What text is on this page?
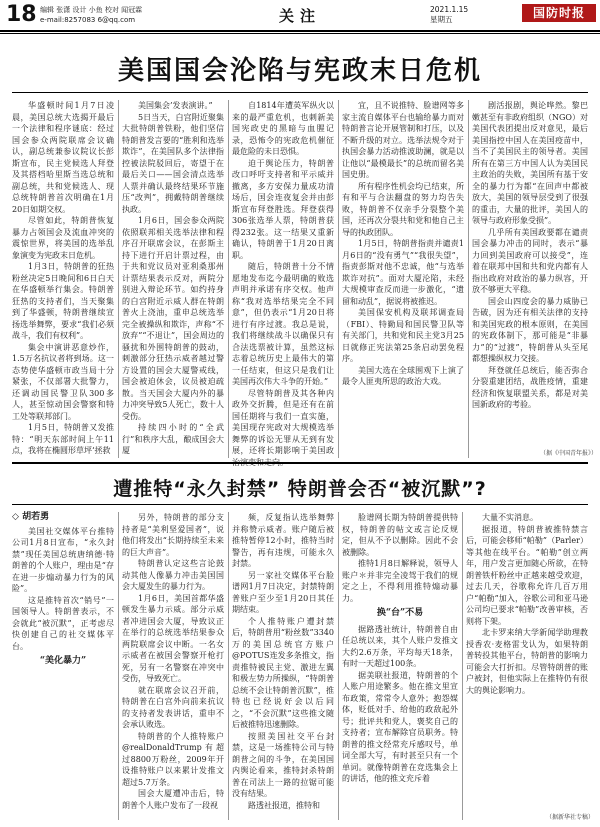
18 编辑 张潇 设计 小鱼 校对 闻冠霖
e-mail:8257083 6@qq.com	关注	2021.1.15
星期五	国防时报
美国国会沦陷与宪政末日危机

华盛顿时间1月7日凌晨，美国总统大选揭开最后一个法律和程序谜底：经过国会参众两院联席会议确认，副总统兼参议院议长彭斯宣布，民主党候选人拜登及其搭档哈里斯当选总统和副总统，共和党候选人、现总统特朗普首次明确在1月20日如期交权。

尽管如此，特朗普恢复暴力占领国会及流血冲突的震惊世界，将美国的选举乱象演变为宪政末日危机。

1月3日，特朗普的狂热粉丝决定5日晚间和6日白天在华盛顿举行集会。特朗普狂热的支持者们，当天聚集到了华盛顿，特朗普继续宣扬选举舞弊，要求“我们必须战斗，我们有权利”。

集会中演讲恶意炒作，1.5万名抗议者将到场。这一态势使华盛顿市政当局十分紧张，不仅部署大批警力，还调动国民警卫队300多人，甚至惊动国会警察和特工处等联邦部门。

1月5日，特朗普又发推特：“明天东部时间上午11点，我将在椭圆形草坪‘拯救

美国集会’发表演讲。”

5日当天，白宫附近聚集大批特朗普铁粉，他们坚信特朗普发言要的“胜利和选举欺诈”，在美国队多个法律指控被法院驳回后，寄望于在最后关口——国会清点选举人票并确认最终结果环节施压“改判”，拥戴特朗普继续执政。

1月6日，国会参众两院依照联邦相关选举法律和程序召开联席会议，在彭斯主持下进行开启计票过程，由于共和党议员对亚利桑那州计票结果表示反对，两院分别进入辩论环节。如约持身的白宫附近示威人群在特朗普火上浇油，重申总统选举完全被操纵和欺诈，声称“不放弃”“不退让”，国会周边的骚扰和外围特朗普的鼓动，刺激部分狂热示威者越过警方设置的国会大厦警戒线，国会被迫休会，议员被迫疏散。当天国会大厦内外的暴力冲突导致5人死亡，数十人受伤。

持续四小时的“全武行”和秩序大乱，酿成国会大厦

自1814年遭英军纵火以来的最严重危机，也刺新美国宪政史的黑暗与血腥记录，恐怖令的宪政危机催征最危险的未日恐惧。

迫于舆论压力，特朗普改口呼吁支持者和平示威并撤离，多方安保力量成功清场后，国会连夜复会并由彭斯宣布拜登胜选。拜登获得306张选举人票，特朗普获得232张。这一结果又重新确认，特朗普于1月20日离职。

随后，特朗普十分不情愿地发布迄今最明确的败选声明并承诺有序交权。他声称“我对选举结果完全不同意”，但仍表示“1月20日将进行有序过渡。我总是说，我们将继续战斗以确保只有合法选票被计算，虽然这标志着总统历史上最伟大的第一任结束，但这只是我们让美国再次伟大斗争的开始。”

尽管特朗普及其各种内政外交折腾，但是还有在前国任期将与我们一直实施，美国现存宪政对大规模选举舞弊的诉讼无罪从无到有发展，还将长期影响于美国政治演变和走向。

宜，且不说推特、脸谱网等多家主流自媒体平台也输给暴力而对特朗普言论开展管制和打压，以及不断升级的对立。选举法规令对于执国会暴力活动推波助澜，就是以让他以“最模最长”的总统而留名美国史册。

所有程序性机会均已结束，所有和平与合法翻盘的努力均告失败，特朗普不仅亲手分裂整个美国，还再次分裂共和党和他自己主导的执政团队。

1月5日，特朗普指责并谴责1月6日的“没有勇气”“我很失望”，指责彭斯对他不忠诚，他“与选举欺诈对抗”。面对大厦沦陷，未经大规模审查反而进一步激化，“遗留和动乱”，据说将被推迟。

美国保安机构及联邦调查局（FBI）、特勤局和国民警卫队等有关部门，共和党和民主党3月25日就修正宪法第25条启动罢免程序。

美国大选在全球围观下上演了最令人匪夷所思的政治大戏。

剧活报剧，舆论哗然。黎巴嫩甚至有非政府组织（NGO）对美国代表团提出反对意见，最后美国指控中国人在美国疫苗中，当不了美国民主的领导者。美国所有在第三方中国人认为美国民主政治的失败，美国所有基于安全的暴力行为都“在回声中都被放大，美国的领导层受到了很强的重击，大量的批评，美国人的领导与政府形象受损”。

几乎所有美国政要都在谴责国会暴力冲击的同时，表示“暴力回到美国政府可以接受”，连着在联邦中国和共和党内都有人指出政府对政治的暴力纵容，开放不够更大平稳。

国会山四度会的暴力威胁已告破，因为还有相关法律的支持和美国宪政的根本原则，在美国的宪政体制下，那可能是“非暴力”的“过渡”，特朗普从头至尾都想操纵权力交接。

拜登就任总统后，能否弥合分裂重建团结，战胜疫情，重建经济和恢复联盟关系，都是对美国新政府的考验。

（据《中国青年报》）
遭推特“永久封禁” 特朗普会否“被沉默”?

◇ 胡若勇

美国社交媒体平台推特公司1月8日宣布，“永久封禁”现任美国总统唐纳德·特朗普的个人账户，理由是“存在进一步煽动暴力行为的风险”。

这是推特首次“销号”一国领导人。特朗普表示，不会就此“被沉默”，正考虑尽快创建自己的社交媒体平台。

“美化暴力”

另外，特朗普的部分支持者是“美利坚爱国者”，说他们将发出“长期持续至未来的巨大声音”。

特朗普认定这些言论鼓动其他人像暴力冲击美国国会大厦发生的暴力行为。

1月6日，美国首都华盛顿发生暴力示威。部分示威者冲进国会大厦，导致议正在举行的总统选举结果参众两院联席会议中断。一名女示威者在被国会警察开枪打死，另有一名警察在冲突中受伤，导致死亡。

就在联席会议召开前，特朗普在白宫外向前来抗议的支持者发表讲话，重申不会承认败选。

特朗普的个人推特账户@realDonaldTrump有超过8800万粉丝，2009年开设推特账户以来累计发推文超过5.7万条。

国会大厦遭冲击后，特朗普个人账户发布了一段视

频，反复指认选举舞弊并称赞示威者。账户随后被推特暂停12小时，推特当时警告，再有违规，可能永久封禁。

另一家社交媒体平台脸谱网1月7日决定，封禁特朗普账户至少至1月20日其任期结束。

个人推特账户遭封禁后，特朗普用“粉丝数”3340万的美国总统官方账户@POTUS连发多条推文，指责推特被民主党、激进左翼和极左势力所操纵，“特朗普总统不会让特朗普沉默”，推特也已经说好会以后同之，“不会沉默”这些推文随后被推特迅速删除。

按照美国社交平台封禁，这是一场推特公司与特朗普之间的斗争，在美国国内舆论看来，推特封杀特朗普在司法上一路的拉锯可能没有结果。

路透社报道，推特和

脸谱网长期为特朗普提供特权，特朗普的帖文或言论反规定，但从不予以删除。因此不会被删除。

推特1月8日解释说，领导人账户＊并非完全凌驾于我们的规定之上，不得利用推特煽动暴力。

换“台”不易

据路透社统计，特朗普自由任总统以来，其个人账户发推文大约2.6万条，平均每天18条，有时一天超过100条。

据美联社报道，特朗普的个人账户用途繁多。他在推文里宣布政策，常常令人意外；抱怨媒体，贬低对手、给他的政敌起外号；批评共和党人，褒奖自己的支持者；宣布解除官员职务。特朗普的推文经常充斥感叹号，单词全部大写，有时甚至只有一个单词。就像特朗普在竞选集会上的讲话，他的推文充斥着

大量不实消息。

据报道，特朗普被推特禁言后，可能会移师“帕勒”（Parler）等其他在线平台。“帕勒”创立两年，用户发言更加随心所欲，在特朗普铁杆粉丝中正越来越受欢迎，过去几天，谷歌称允许几百万用户“帕勒”加入，谷歌公司和亚马逊公司均已要求“帕勒”改善审核，否则将下架。

北卡罗来纳大学新闻学助理教授香农·麦格雷戈认为，如果特朗普转投其他平台，特朗普的影响力可能会大打折扣。尽管特朗普的账户被封，但他实际上在推特仍有很大的舆论影响力。

（据新华社专稿）
